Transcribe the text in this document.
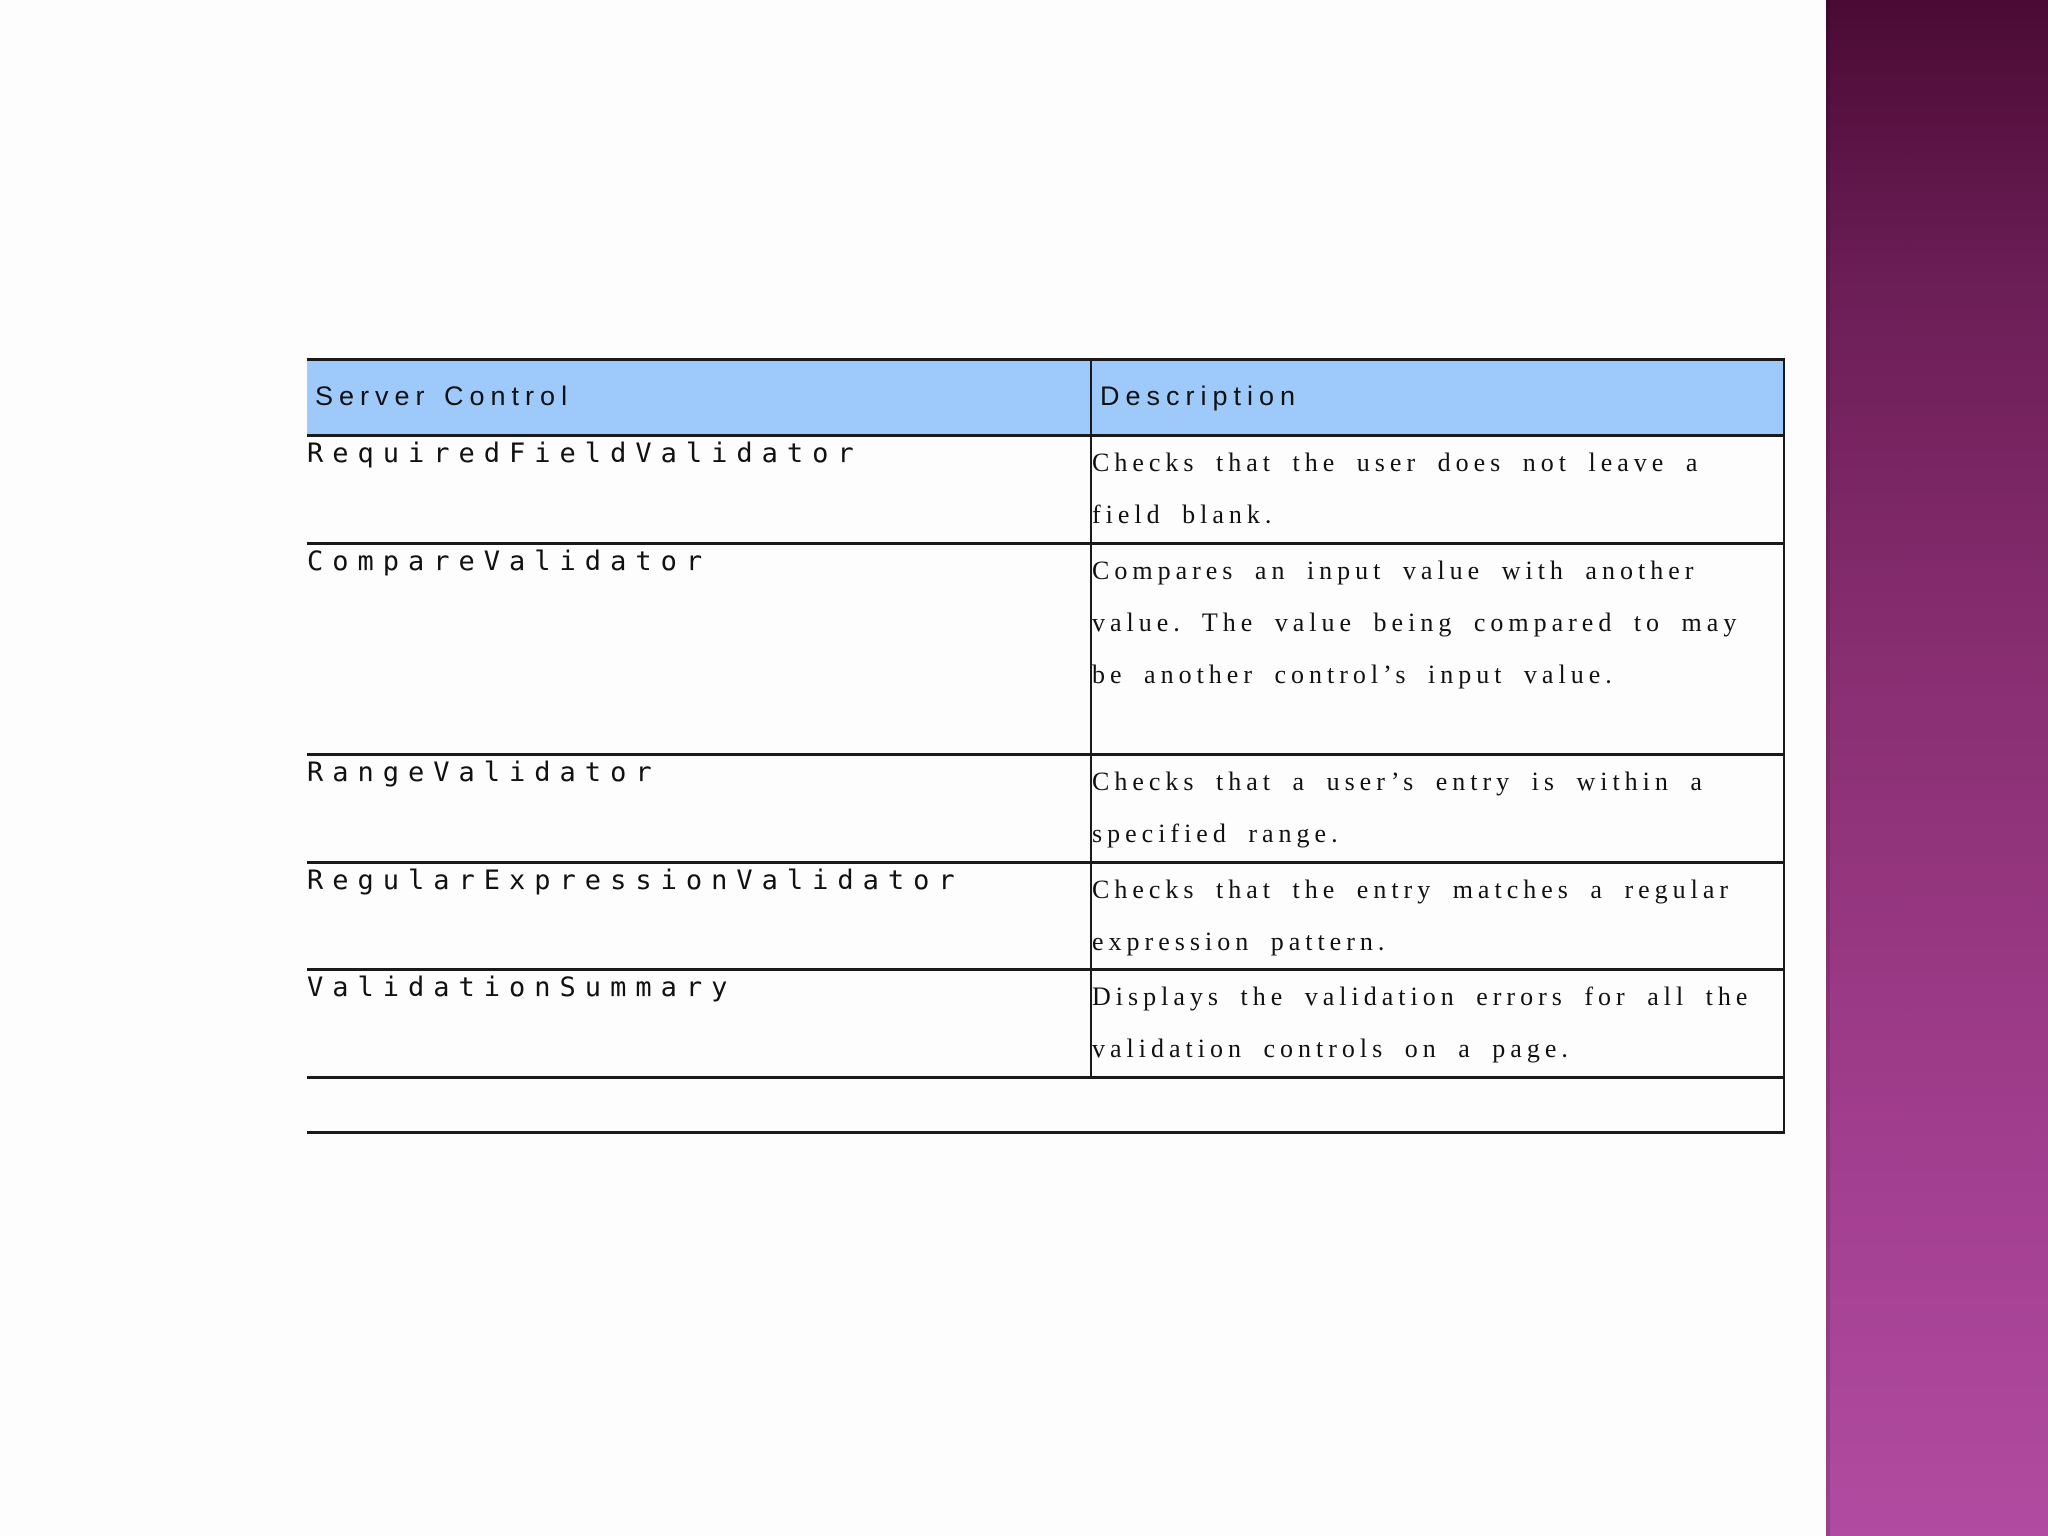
Server Control	Description

RequiredFieldValidator	Checks that the user does not leave a field blank.

CompareValidator	Compares an input value with another value. The value being compared to may be another control’s input value.

RangeValidator	Checks that a user’s entry is within a specified range.

RegularExpressionValidator	Checks that the entry matches a regular expression pattern.

ValidationSummary	Displays the validation errors for all the validation controls on a page.
